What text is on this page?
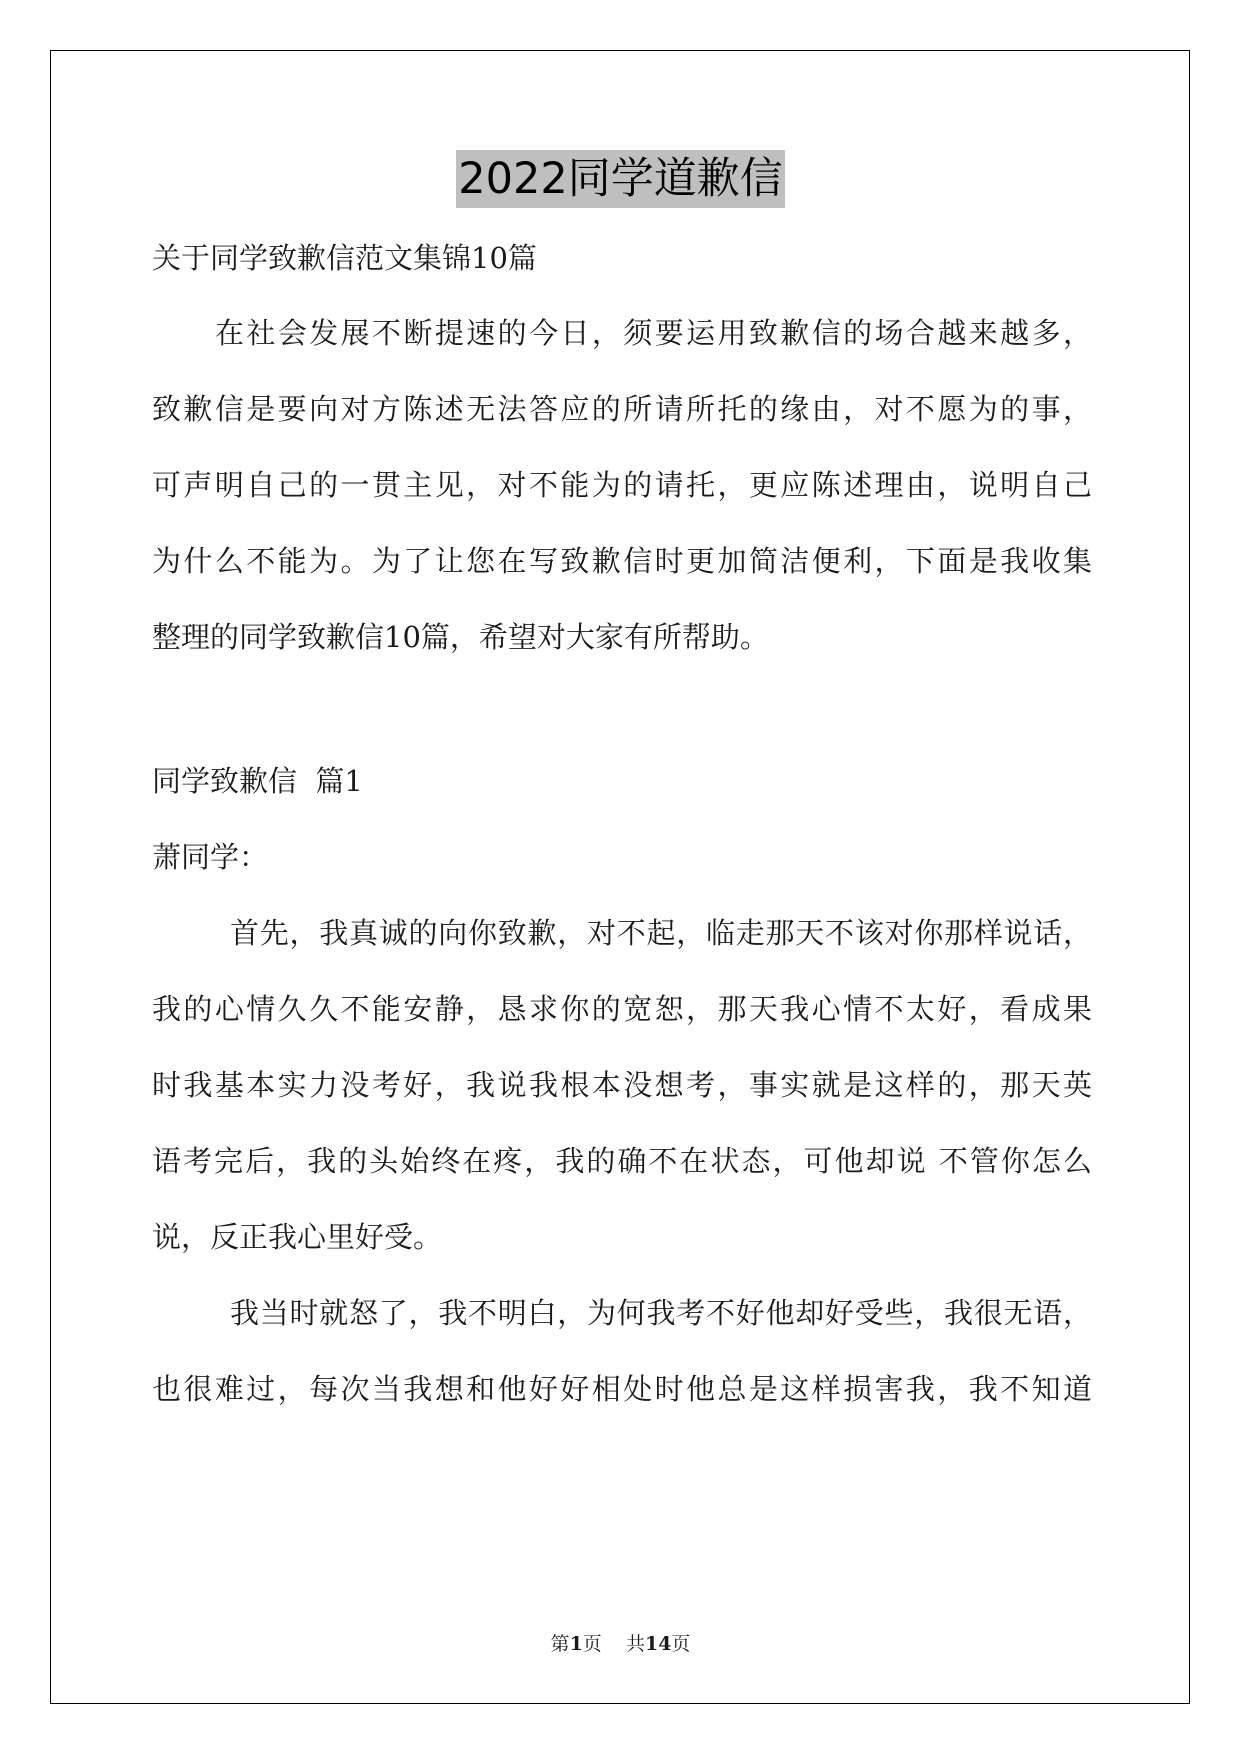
2022同学道歉信
关于同学致歉信范文集锦10篇
在社会发展不断提速的今日，须要运用致歉信的场合越来越多，
致歉信是要向对方陈述无法答应的所请所托的缘由，对不愿为的事，
可声明自己的一贯主见，对不能为的请托，更应陈述理由，说明自己
为什么不能为。为了让您在写致歉信时更加简洁便利，下面是我收集
整理的同学致歉信10篇，希望对大家有所帮助。
同学致歉信  篇1
萧同学：
首先，我真诚的向你致歉，对不起，临走那天不该对你那样说话，
我的心情久久不能安静，恳求你的宽恕，那天我心情不太好，看成果
时我基本实力没考好，我说我根本没想考，事实就是这样的，那天英
语考完后，我的头始终在疼，我的确不在状态，可他却说 不管你怎么
说，反正我心里好受。
我当时就怒了，我不明白，为何我考不好他却好受些，我很无语，
也很难过，每次当我想和他好好相处时他总是这样损害我，我不知道
第1页    共14页
